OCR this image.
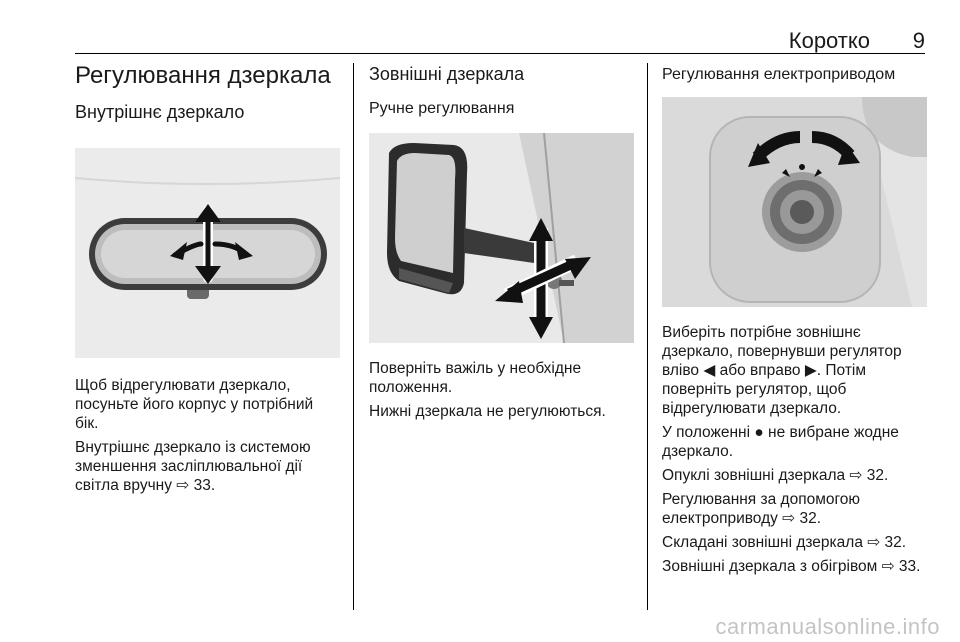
Коротко 9
Регулювання дзеркала
Внутрішнє дзеркало

Щоб відрегулювати дзеркало, посуньте його корпус у потрібний бік.

Внутрішнє дзеркало із системою зменшення засліплювальної дії світла вручну ⇨ 33.

Зовнішні дзеркала
Ручне регулювання

Поверніть важіль у необхідне положення.

Нижні дзеркала не регулюються.

Регулювання електроприводом

Виберіть потрібне зовнішнє дзеркало, повернувши регулятор вліво ◀ або вправо ▶. Потім поверніть регулятор, щоб відрегулювати дзеркало.

У положенні ● не вибране жодне дзеркало.

Опуклі зовнішні дзеркала ⇨ 32.

Регулювання за допомогою електроприводу ⇨ 32.

Складані зовнішні дзеркала ⇨ 32.

Зовнішні дзеркала з обігрівом ⇨ 33.

carmanualsonline.info
